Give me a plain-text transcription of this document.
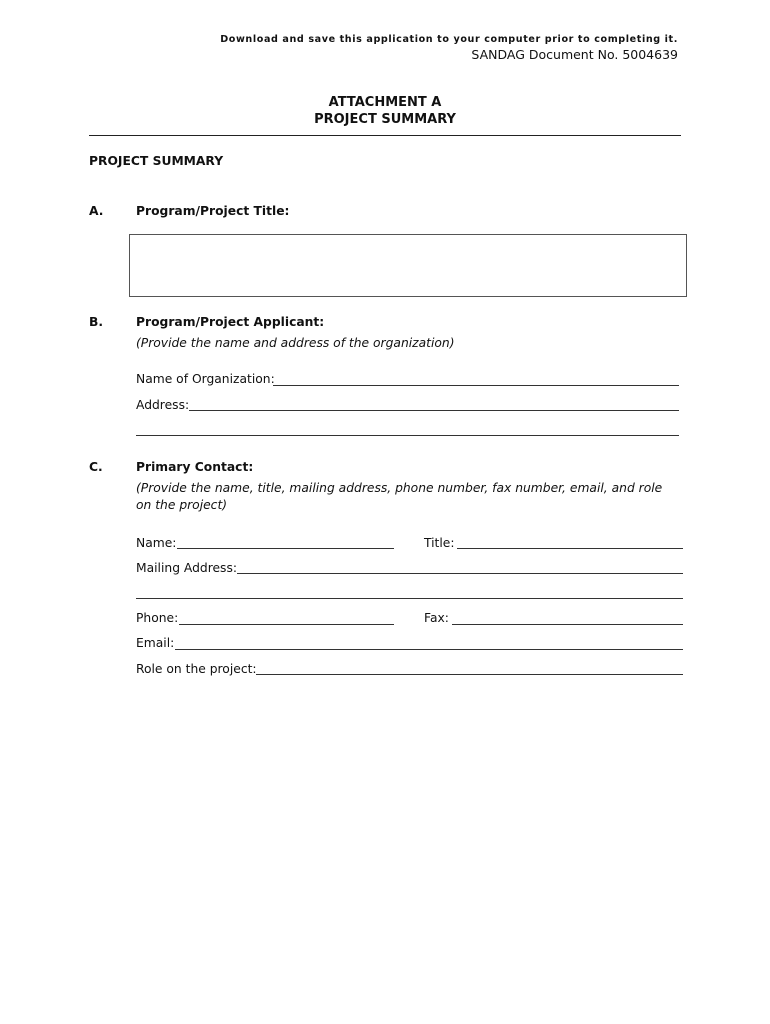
Download and save this application to your computer prior to completing it.
SANDAG Document No. 5004639
ATTACHMENT A
PROJECT SUMMARY
PROJECT SUMMARY
A.	Program/Project Title:
B.	Program/Project Applicant:
(Provide the name and address of the organization)
Name of Organization:
Address:
C.	Primary Contact:
(Provide the name, title, mailing address, phone number, fax number, email, and role
on the project)
Name:	Title:
Mailing Address:
Phone:	Fax:
Email:
Role on the project:
